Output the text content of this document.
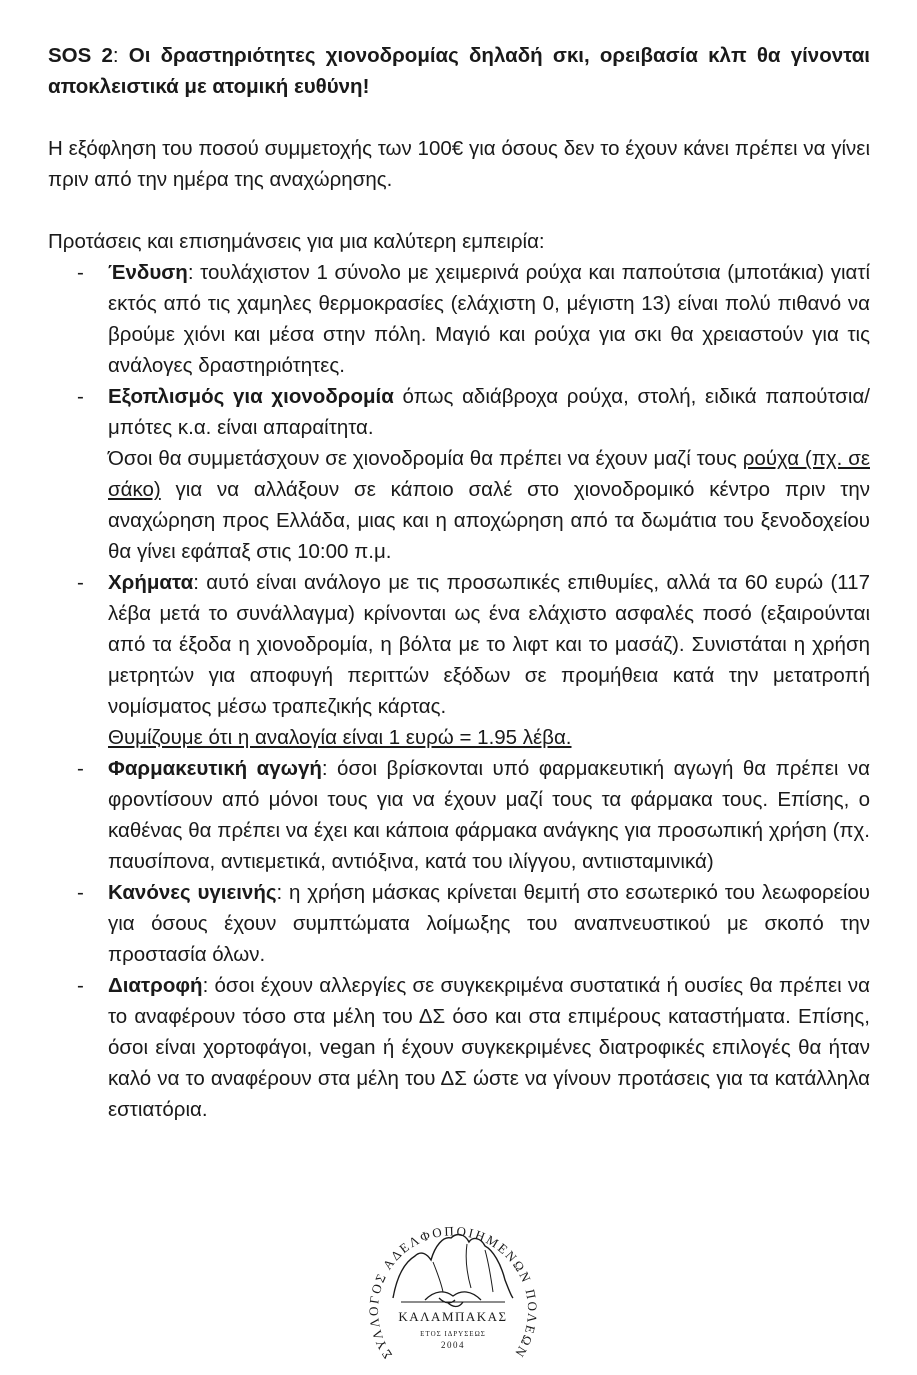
SOS 2: Οι δραστηριότητες χιονοδρομίας δηλαδή σκι, ορειβασία κλπ θα γίνονται αποκλειστικά με ατομική ευθύνη!

Η εξόφληση του ποσού συμμετοχής των 100€ για όσους δεν το έχουν κάνει πρέπει να γίνει πριν από την ημέρα της αναχώρησης.

Προτάσεις και επισημάνσεις για μια καλύτερη εμπειρία:

- Ένδυση: τουλάχιστον 1 σύνολο με χειμερινά ρούχα και παπούτσια (μποτάκια) γιατί εκτός από τις χαμηλες θερμοκρασίες (ελάχιστη 0, μέγιστη 13) είναι πολύ πιθανό να βρούμε χιόνι και μέσα στην πόλη. Μαγιό και ρούχα για σκι θα χρειαστούν για τις ανάλογες δραστηριότητες.
- Εξοπλισμός για χιονοδρομία όπως αδιάβροχα ρούχα, στολή, ειδικά παπούτσια/μπότες κ.α. είναι απαραίτητα.

Όσοι θα συμμετάσχουν σε χιονοδρομία θα πρέπει να έχουν μαζί τους ρούχα (πχ. σε σάκο) για να αλλάξουν σε κάποιο σαλέ στο χιονοδρομικό κέντρο πριν την αναχώρηση προς Ελλάδα, μιας και η αποχώρηση από τα δωμάτια του ξενοδοχείου θα γίνει εφάπαξ στις 10:00 π.μ.

- Χρήματα: αυτό είναι ανάλογο με τις προσωπικές επιθυμίες, αλλά τα 60 ευρώ (117 λέβα μετά το συνάλλαγμα) κρίνονται ως ένα ελάχιστο ασφαλές ποσό (εξαιρούνται από τα έξοδα η χιονοδρομία, η βόλτα με το λιφτ και το μασάζ). Συνιστάται η χρήση μετρητών για αποφυγή περιττών εξόδων σε προμήθεια κατά την μετατροπή νομίσματος μέσω τραπεζικής κάρτας.

Θυμίζουμε ότι η αναλογία είναι 1 ευρώ = 1.95 λέβα.

- Φαρμακευτική αγωγή: όσοι βρίσκονται υπό φαρμακευτική αγωγή θα πρέπει να φροντίσουν από μόνοι τους για να έχουν μαζί τους τα φάρμακα τους. Επίσης, ο καθένας θα πρέπει να έχει και κάποια φάρμακα ανάγκης για προσωπική χρήση (πχ. παυσίπονα, αντιεμετικά, αντιόξινα, κατά του ιλίγγου, αντιισταμινικά)
- Κανόνες υγιεινής: η χρήση μάσκας κρίνεται θεμιτή στο εσωτερικό του λεωφορείου για όσους έχουν συμπτώματα λοίμωξης του αναπνευστικού με σκοπό την προστασία όλων.
- Διατροφή: όσοι έχουν αλλεργίες σε συγκεκριμένα συστατικά ή ουσίες θα πρέπει να το αναφέρουν τόσο στα μέλη του ΔΣ όσο και στα επιμέρους καταστήματα. Επίσης, όσοι είναι χορτοφάγοι, vegan ή έχουν συγκεκριμένες διατροφικές επιλογές θα ήταν καλό να το αναφέρουν στα μέλη του ΔΣ ώστε να γίνουν προτάσεις για τα κατάλληλα εστιατόρια.
ΣΥΛΛΟΓΟΣ ΑΔΕΛΦΟΠΟΙΗΜΕΝΩΝ ΠΟΛΕΩΝ
ΚΑΛΑΜΠΑΚΑΣ
ΕΤΟΣ ΙΔΡΥΣΕΩΣ
2004
